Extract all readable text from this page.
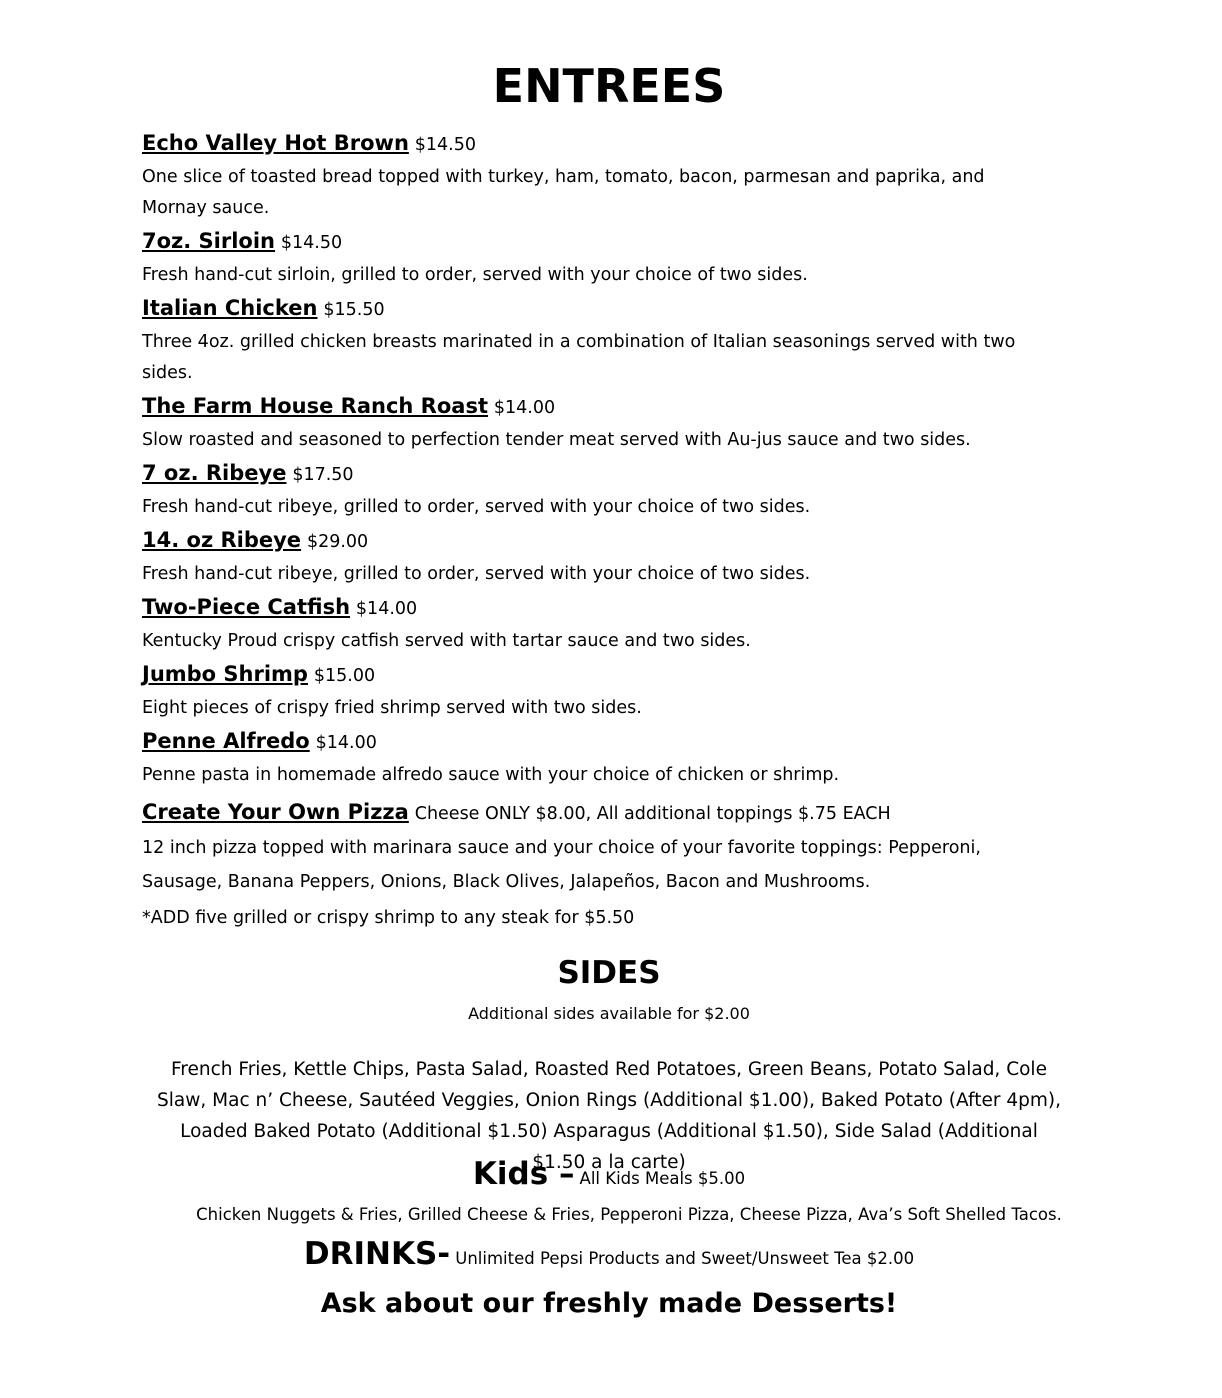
ENTREES
Echo Valley Hot Brown $14.50
One slice of toasted bread topped with turkey, ham, tomato, bacon, parmesan and paprika, and Mornay sauce.
7oz. Sirloin $14.50
Fresh hand-cut sirloin, grilled to order, served with your choice of two sides.
Italian Chicken $15.50
Three 4oz. grilled chicken breasts marinated in a combination of Italian seasonings served with two sides.
The Farm House Ranch Roast $14.00
Slow roasted and seasoned to perfection tender meat served with Au-jus sauce and two sides.
7 oz. Ribeye $17.50
Fresh hand-cut ribeye, grilled to order, served with your choice of two sides.
14. oz Ribeye $29.00
Fresh hand-cut ribeye, grilled to order, served with your choice of two sides.
Two-Piece Catfish $14.00
Kentucky Proud crispy catfish served with tartar sauce and two sides.
Jumbo Shrimp $15.00
Eight pieces of crispy fried shrimp served with two sides.
Penne Alfredo $14.00
Penne pasta in homemade alfredo sauce with your choice of chicken or shrimp.
Create Your Own Pizza Cheese ONLY $8.00, All additional toppings $.75 EACH
12 inch pizza topped with marinara sauce and your choice of your favorite toppings: Pepperoni, Sausage, Banana Peppers, Onions, Black Olives, Jalapeños, Bacon and Mushrooms.
*ADD five grilled or crispy shrimp to any steak for $5.50
SIDES
Additional sides available for $2.00
French Fries, Kettle Chips, Pasta Salad, Roasted Red Potatoes, Green Beans, Potato Salad, Cole Slaw, Mac n’ Cheese, Sautéed Veggies, Onion Rings (Additional $1.00), Baked Potato (After 4pm), Loaded Baked Potato (Additional $1.50) Asparagus (Additional $1.50), Side Salad (Additional $1.50 a la carte)
Kids – All Kids Meals $5.00
Chicken Nuggets & Fries, Grilled Cheese & Fries, Pepperoni Pizza, Cheese Pizza, Ava’s Soft Shelled Tacos.
DRINKS- Unlimited Pepsi Products and Sweet/Unsweet Tea $2.00
Ask about our freshly made Desserts!
